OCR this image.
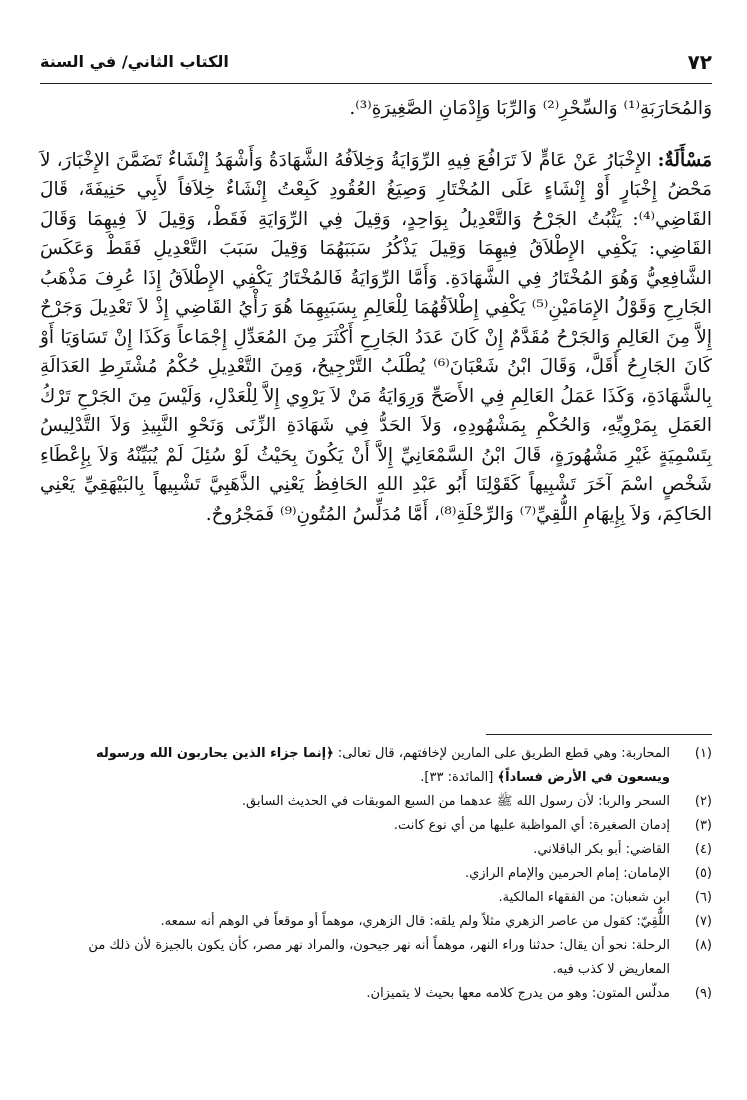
٧٢
الكتاب الثاني/ في السنة

وَالمُحَارَبَةِ⁽¹⁾ وَالسِّحْرِ⁽²⁾ وَالرِّبَا وَإِدْمَانِ الصَّغِيرَةِ⁽³⁾.

مَسْأَلَةٌ: الإِخْبَارُ عَنْ عَامٍّ لاَ تَرَافُعَ فِيهِ الرِّوَايَةُ وَخِلاَفُهُ الشَّهَادَةُ وَأَشْهَدُ إِنْشَاءٌ تَضَمَّنَ الإِخْبَارَ، لاَ مَحْضُ إِخْبَارٍ أَوْ إِنْشَاءٍ عَلَى المُخْتَارِ وَصِيَغُ العُقُودِ كَبِعْتُ إِنْشَاءٌ خِلاَفاً لأَبِي حَنِيفَةَ، قَالَ القَاضِي⁽⁴⁾: يَثْبُتُ الجَرْحُ وَالتَّعْدِيلُ بِوَاحِدٍ، وَقِيلَ فِي الرِّوَايَةِ فَقَطْ، وَقِيلَ لاَ فِيهِمَا وَقَالَ القَاضِي: يَكْفِي الإِطْلاَقُ فِيهِمَا وَقِيلَ يَذْكُرُ سَبَبَهُمَا وَقِيلَ سَبَبَ التَّعْدِيلِ فَقَطْ وَعَكَسَ الشَّافِعِيُّ وَهُوَ المُخْتَارُ فِي الشَّهَادَةِ. وَأَمَّا الرِّوَايَةُ فَالمُخْتَارُ يَكْفِي الإِطْلاَقُ إِذَا عُرِفَ مَذْهَبُ الجَارِحِ وَقَوْلُ الإِمَامَيْنِ⁽⁵⁾ يَكْفِي إِطْلاَقُهُمَا لِلْعَالِمِ بِسَبَبِهِمَا هُوَ رَأْيُ القَاضِي إِذْ لاَ تَعْدِيلَ وَجَرْحٌ إِلاَّ مِنَ العَالِمِ وَالجَرْحُ مُقَدَّمٌ إِنْ كَانَ عَدَدُ الجَارِحِ أَكْثَرَ مِنَ المُعَدِّلِ إِجْمَاعاً وَكَذَا إِنْ تَسَاوَيَا أَوْ كَانَ الجَارِحُ أَقَلَّ، وَقَالَ ابْنُ شَعْبَانَ⁽⁶⁾ يُطْلَبُ التَّرْجِيحُ، وَمِنَ التَّعْدِيلِ حُكْمُ مُشْتَرِطِ العَدَالَةِ بِالشَّهَادَةِ، وَكَذَا عَمَلُ العَالِمِ فِي الأَصَحِّ وَرِوَايَةُ مَنْ لاَ يَرْوِي إِلاَّ لِلْعَدْلِ، وَلَيْسَ مِنَ الجَرْحِ تَرْكُ العَمَلِ بِمَرْوِيِّهِ، وَالحُكْمِ بِمَشْهُودِهِ، وَلاَ الحَدُّ فِي شَهَادَةِ الزِّنَى وَنَحْوِ النَّبِيذِ وَلاَ التَّدْلِيسُ بِتَسْمِيَةٍ غَيْرِ مَشْهُورَةٍ، قَالَ ابْنُ السَّمْعَانِيِّ إِلاَّ أَنْ يَكُونَ بِحَيْثُ لَوْ سُئِلَ لَمْ يُبَيِّنْهُ وَلاَ بِإِعْطَاءِ شَخْصٍ اسْمَ آخَرَ تَشْبِيهاً كَقَوْلِنَا أَبُو عَبْدِ اللهِ الحَافِظُ يَعْنِي الذَّهَبِيَّ تَشْبِيهاً بِالبَيْهَقِيِّ يَعْنِي الحَاكِمَ، وَلاَ بِإِيهَامِ اللُّقِيِّ⁽⁷⁾ وَالرِّحْلَةِ⁽⁸⁾، أَمَّا مُدَلِّسُ المُتُونِ⁽⁹⁾ فَمَجْرُوحٌ.

(١)
المحاربة: وهي قطع الطريق على المارين لإخافتهم، قال تعالى: ﴿إنما جزاء الذين يحاربون الله ورسوله ويسعون في الأرض فساداً﴾ [المائدة: ٣٣].
(٢)
السحر والربا: لأن رسول الله ﷺ عدهما من السبع الموبقات في الحديث السابق.
(٣)
إدمان الصغيرة: أي المواظبة عليها من أي نوع كانت.
(٤)
القاضي: أبو بكر الباقلاني.
(٥)
الإمامان: إمام الحرمين والإمام الرازي.
(٦)
ابن شعبان: من الفقهاء المالكية.
(٧)
اللُّقِيّ: كقول من عاصر الزهري مثلاً ولم يلقه: قال الزهري، موهماً أو موقعاً في الوهم أنه سمعه.
(٨)
الرحلة: نحو أن يقال: حدثنا وراء النهر، موهماً أنه نهر جيحون، والمراد نهر مصر، كأن يكون بالجيزة لأن ذلك من المعاريض لا كذب فيه.
(٩)
مدلّس المتون: وهو من يدرج كلامه معها بحيث لا يتميزان.
